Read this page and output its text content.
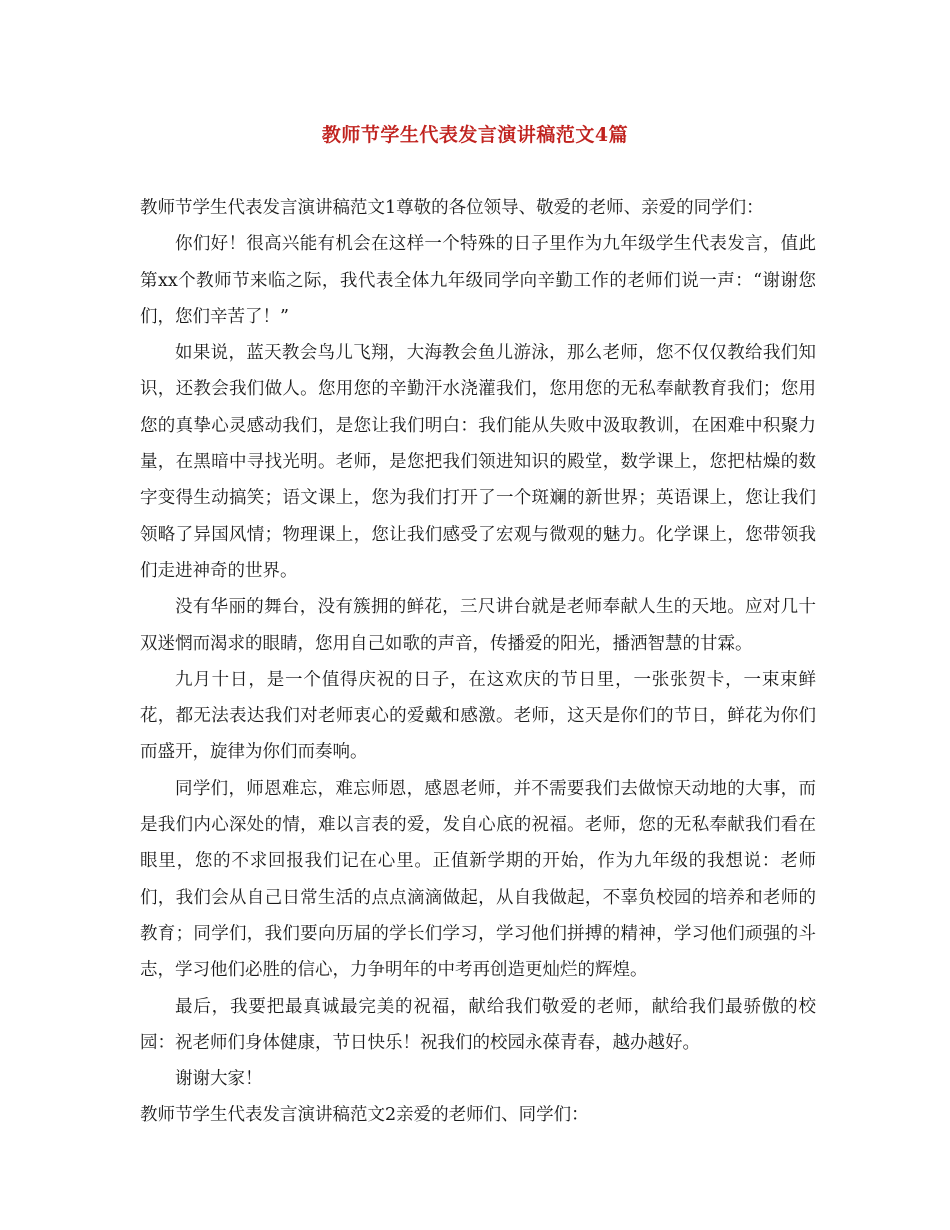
教师节学生代表发言演讲稿范文4篇

教师节学生代表发言演讲稿范文1尊敬的各位领导、敬爱的老师、亲爱的同学们：

你们好！很高兴能有机会在这样一个特殊的日子里作为九年级学生代表发言，值此第xx个教师节来临之际，我代表全体九年级同学向辛勤工作的老师们说一声：“谢谢您们，您们辛苦了！”

如果说，蓝天教会鸟儿飞翔，大海教会鱼儿游泳，那么老师，您不仅仅教给我们知识，还教会我们做人。您用您的辛勤汗水浇灌我们，您用您的无私奉献教育我们；您用您的真挚心灵感动我们，是您让我们明白：我们能从失败中汲取教训，在困难中积聚力量，在黑暗中寻找光明。老师，是您把我们领进知识的殿堂，数学课上，您把枯燥的数字变得生动搞笑；语文课上，您为我们打开了一个斑斓的新世界；英语课上，您让我们领略了异国风情；物理课上，您让我们感受了宏观与微观的魅力。化学课上，您带领我们走进神奇的世界。

没有华丽的舞台，没有簇拥的鲜花，三尺讲台就是老师奉献人生的天地。应对几十双迷惘而渴求的眼睛，您用自己如歌的声音，传播爱的阳光，播洒智慧的甘霖。

九月十日，是一个值得庆祝的日子，在这欢庆的节日里，一张张贺卡，一束束鲜花，都无法表达我们对老师衷心的爱戴和感激。老师，这天是你们的节日，鲜花为你们而盛开，旋律为你们而奏响。

同学们，师恩难忘，难忘师恩，感恩老师，并不需要我们去做惊天动地的大事，而是我们内心深处的情，难以言表的爱，发自心底的祝福。老师，您的无私奉献我们看在眼里，您的不求回报我们记在心里。正值新学期的开始，作为九年级的我想说：老师们，我们会从自己日常生活的点点滴滴做起，从自我做起，不辜负校园的培养和老师的教育；同学们，我们要向历届的学长们学习，学习他们拼搏的精神，学习他们顽强的斗志，学习他们必胜的信心，力争明年的中考再创造更灿烂的辉煌。

最后，我要把最真诚最完美的祝福，献给我们敬爱的老师，献给我们最骄傲的校园：祝老师们身体健康，节日快乐！祝我们的校园永葆青春，越办越好。

谢谢大家！

教师节学生代表发言演讲稿范文2亲爱的老师们、同学们：
